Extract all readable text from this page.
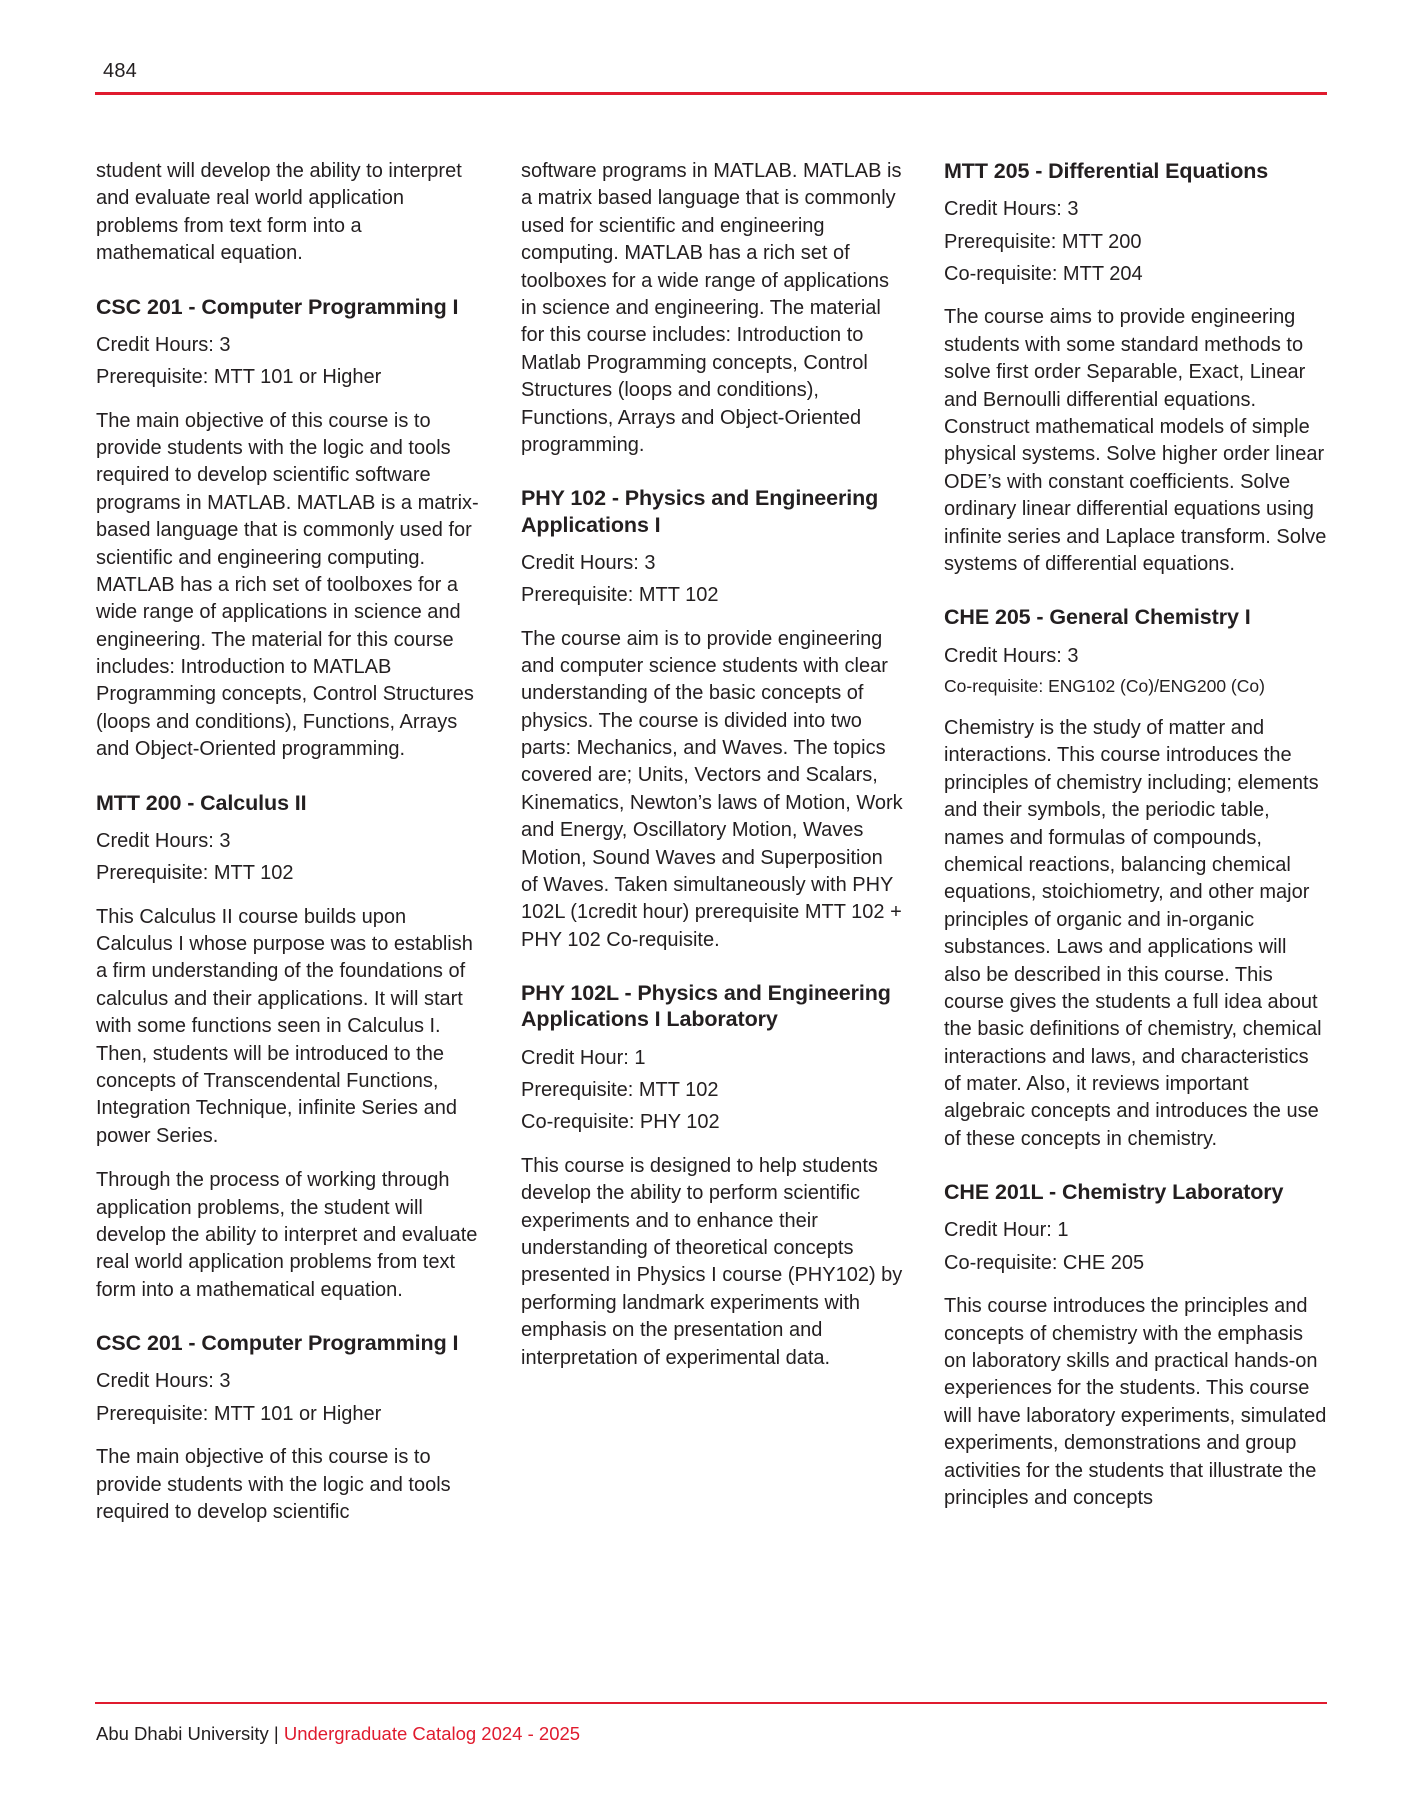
484

student will develop the ability to interpret and evaluate real world application problems from text form into a mathematical equation.

CSC 201 - Computer Programming I

Credit Hours: 3

Prerequisite: MTT 101 or Higher

The main objective of this course is to provide students with the logic and tools required to develop scientific software programs in MATLAB. MATLAB is a matrix-based language that is commonly used for scientific and engineering computing. MATLAB has a rich set of toolboxes for a wide range of applications in science and engineering. The material for this course includes: Introduction to MATLAB Programming concepts, Control Structures (loops and conditions), Functions, Arrays and Object-Oriented programming.

MTT 200 - Calculus II

Credit Hours: 3

Prerequisite: MTT 102

This Calculus II course builds upon Calculus I whose purpose was to establish a firm understanding of the foundations of calculus and their applications. It will start with some functions seen in Calculus I. Then, students will be introduced to the concepts of Transcendental Functions, Integration Technique, infinite Series and power Series.

Through the process of working through application problems, the student will develop the ability to interpret and evaluate real world application problems from text form into a mathematical equation.

CSC 201 - Computer Programming I

Credit Hours: 3

Prerequisite: MTT 101 or Higher

The main objective of this course is to provide students with the logic and tools required to develop scientific

software programs in MATLAB. MATLAB is a matrix based language that is commonly used for scientific and engineering computing. MATLAB has a rich set of toolboxes for a wide range of applications in science and engineering. The material for this course includes: Introduction to Matlab Programming concepts, Control Structures (loops and conditions), Functions, Arrays and Object-Oriented programming.

PHY 102 - Physics and Engineering Applications I

Credit Hours: 3

Prerequisite: MTT 102

The course aim is to provide engineering and computer science students with clear understanding of the basic concepts of physics. The course is divided into two parts: Mechanics, and Waves. The topics covered are; Units, Vectors and Scalars, Kinematics, Newton’s laws of Motion, Work and Energy, Oscillatory Motion, Waves Motion, Sound Waves and Superposition of Waves. Taken simultaneously with PHY 102L (1credit hour) prerequisite MTT 102 + PHY 102 Co-requisite.

PHY 102L - Physics and Engineering Applications I Laboratory

Credit Hour: 1

Prerequisite: MTT 102

Co-requisite: PHY 102

This course is designed to help students develop the ability to perform scientific experiments and to enhance their understanding of theoretical concepts presented in Physics I course (PHY102) by performing landmark experiments with emphasis on the presentation and interpretation of experimental data.

MTT 205 - Differential Equations

Credit Hours: 3

Prerequisite: MTT 200

Co-requisite: MTT 204

The course aims to provide engineering students with some standard methods to solve first order Separable, Exact, Linear and Bernoulli differential equations. Construct mathematical models of simple physical systems. Solve higher order linear ODE’s with constant coefficients. Solve ordinary linear differential equations using infinite series and Laplace transform. Solve systems of differential equations.

CHE 205 - General Chemistry I

Credit Hours: 3

Co-requisite: ENG102 (Co)/ENG200 (Co)

Chemistry is the study of matter and interactions. This course introduces the principles of chemistry including; elements and their symbols, the periodic table, names and formulas of compounds, chemical reactions, balancing chemical equations, stoichiometry, and other major principles of organic and in-organic substances. Laws and applications will also be described in this course. This course gives the students a full idea about the basic definitions of chemistry, chemical interactions and laws, and characteristics of mater. Also, it reviews important algebraic concepts and introduces the use of these concepts in chemistry.

CHE 201L - Chemistry Laboratory

Credit Hour: 1

Co-requisite: CHE 205

This course introduces the principles and concepts of chemistry with the emphasis on laboratory skills and practical hands-on experiences for the students. This course will have laboratory experiments, simulated experiments, demonstrations and group activities for the students that illustrate the principles and concepts

Abu Dhabi University | Undergraduate Catalog 2024 - 2025
